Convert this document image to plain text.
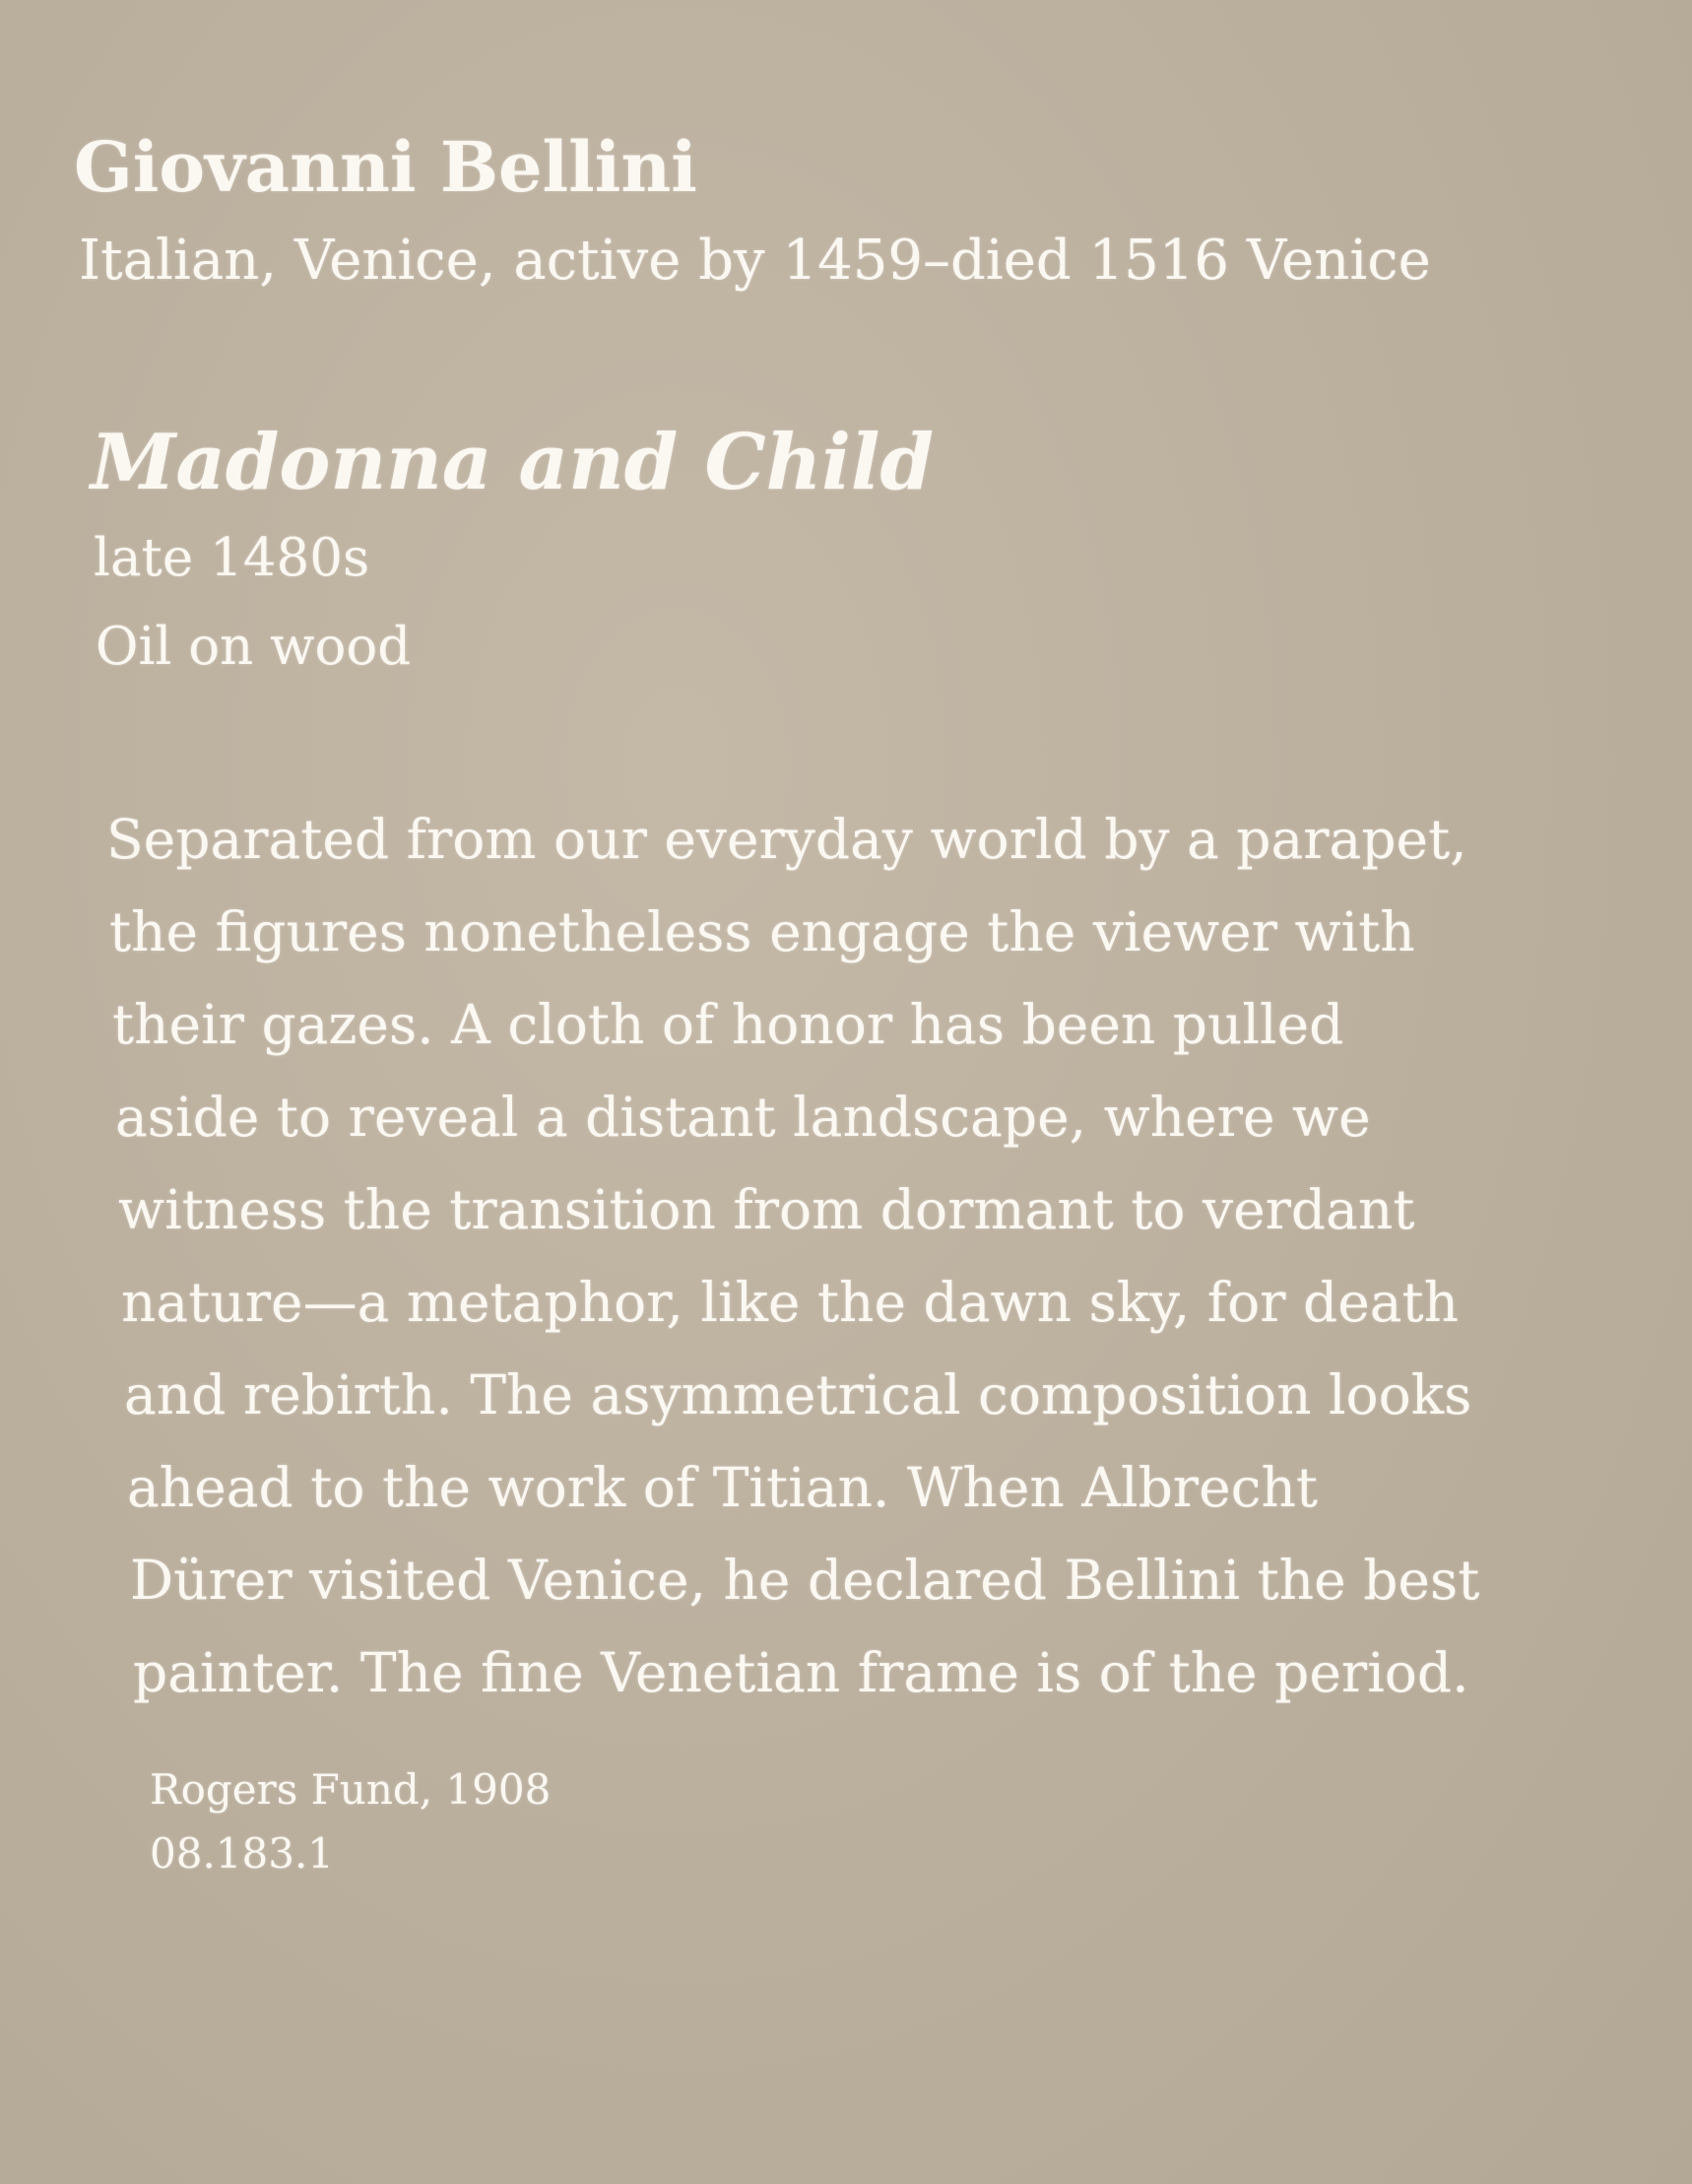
Giovanni Bellini

Italian, Venice, active by 1459–died 1516 Venice

Madonna and Child

late 1480s

Oil on wood

Separated from our everyday world by a parapet,
the figures nonetheless engage the viewer with
their gazes. A cloth of honor has been pulled
aside to reveal a distant landscape, where we
witness the transition from dormant to verdant
nature—a metaphor, like the dawn sky, for death
and rebirth. The asymmetrical composition looks
ahead to the work of Titian. When Albrecht
Dürer visited Venice, he declared Bellini the best
painter. The fine Venetian frame is of the period.

Rogers Fund, 1908

08.183.1
